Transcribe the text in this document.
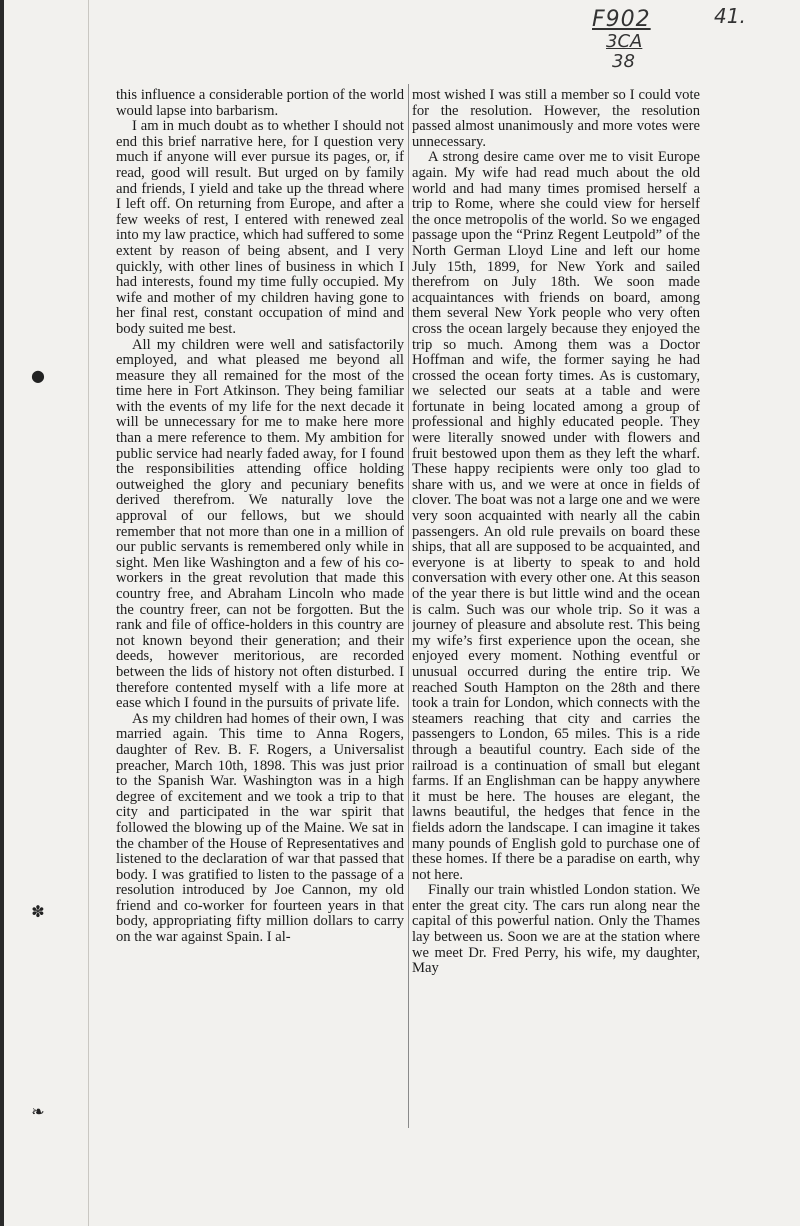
●
✽
❧
F902
3CA
38
41.

this influence a considerable portion of the world would lapse into barbarism.

I am in much doubt as to whether I should not end this brief narrative here, for I question very much if anyone will ever pursue its pages, or, if read, good will result. But urged on by family and friends, I yield and take up the thread where I left off. On returning from Europe, and after a few weeks of rest, I entered with renewed zeal into my law practice, which had suffered to some extent by reason of being absent, and I very quickly, with other lines of business in which I had interests, found my time fully occupied. My wife and mother of my children having gone to her final rest, constant occupation of mind and body suited me best.

All my children were well and satisfactorily employed, and what pleased me beyond all measure they all remained for the most of the time here in Fort Atkinson. They being familiar with the events of my life for the next decade it will be unnecessary for me to make here more than a mere reference to them. My ambition for public service had nearly faded away, for I found the responsibilities attending office holding outweighed the glory and pecuniary benefits derived therefrom. We naturally love the approval of our fellows, but we should remember that not more than one in a million of our public servants is remembered only while in sight. Men like Washington and a few of his co-workers in the great revolution that made this country free, and Abraham Lincoln who made the country freer, can not be forgotten. But the rank and file of office-holders in this country are not known beyond their generation; and their deeds, however meritorious, are recorded between the lids of history not often disturbed. I therefore contented myself with a life more at ease which I found in the pursuits of private life.

As my children had homes of their own, I was married again. This time to Anna Rogers, daughter of Rev. B. F. Rogers, a Universalist preacher, March 10th, 1898. This was just prior to the Spanish War. Washington was in a high degree of excitement and we took a trip to that city and participated in the war spirit that followed the blowing up of the Maine. We sat in the chamber of the House of Representatives and listened to the declaration of war that passed that body. I was gratified to listen to the passage of a resolution introduced by Joe Cannon, my old friend and co-worker for fourteen years in that body, appropriating fifty million dollars to carry on the war against Spain. I al-

most wished I was still a member so I could vote for the resolution. However, the resolution passed almost unanimously and more votes were unnecessary.

A strong desire came over me to visit Europe again. My wife had read much about the old world and had many times promised herself a trip to Rome, where she could view for herself the once metropolis of the world. So we engaged passage upon the “Prinz Regent Leutpold” of the North German Lloyd Line and left our home July 15th, 1899, for New York and sailed therefrom on July 18th. We soon made acquaintances with friends on board, among them several New York people who very often cross the ocean largely because they enjoyed the trip so much. Among them was a Doctor Hoffman and wife, the former saying he had crossed the ocean forty times. As is customary, we selected our seats at a table and were fortunate in being located among a group of professional and highly educated people. They were literally snowed under with flowers and fruit bestowed upon them as they left the wharf. These happy recipients were only too glad to share with us, and we were at once in fields of clover. The boat was not a large one and we were very soon acquainted with nearly all the cabin passengers. An old rule prevails on board these ships, that all are supposed to be acquainted, and everyone is at liberty to speak to and hold conversation with every other one. At this season of the year there is but little wind and the ocean is calm. Such was our whole trip. So it was a journey of pleasure and absolute rest. This being my wife’s first experience upon the ocean, she enjoyed every moment. Nothing eventful or unusual occurred during the entire trip. We reached South Hampton on the 28th and there took a train for London, which connects with the steamers reaching that city and carries the passengers to London, 65 miles. This is a ride through a beautiful country. Each side of the railroad is a continuation of small but elegant farms. If an Englishman can be happy anywhere it must be here. The houses are elegant, the lawns beautiful, the hedges that fence in the fields adorn the landscape. I can imagine it takes many pounds of English gold to purchase one of these homes. If there be a paradise on earth, why not here.

Finally our train whistled London station. We enter the great city. The cars run along near the capital of this powerful nation. Only the Thames lay between us. Soon we are at the station where we meet Dr. Fred Perry, his wife, my daughter, May
